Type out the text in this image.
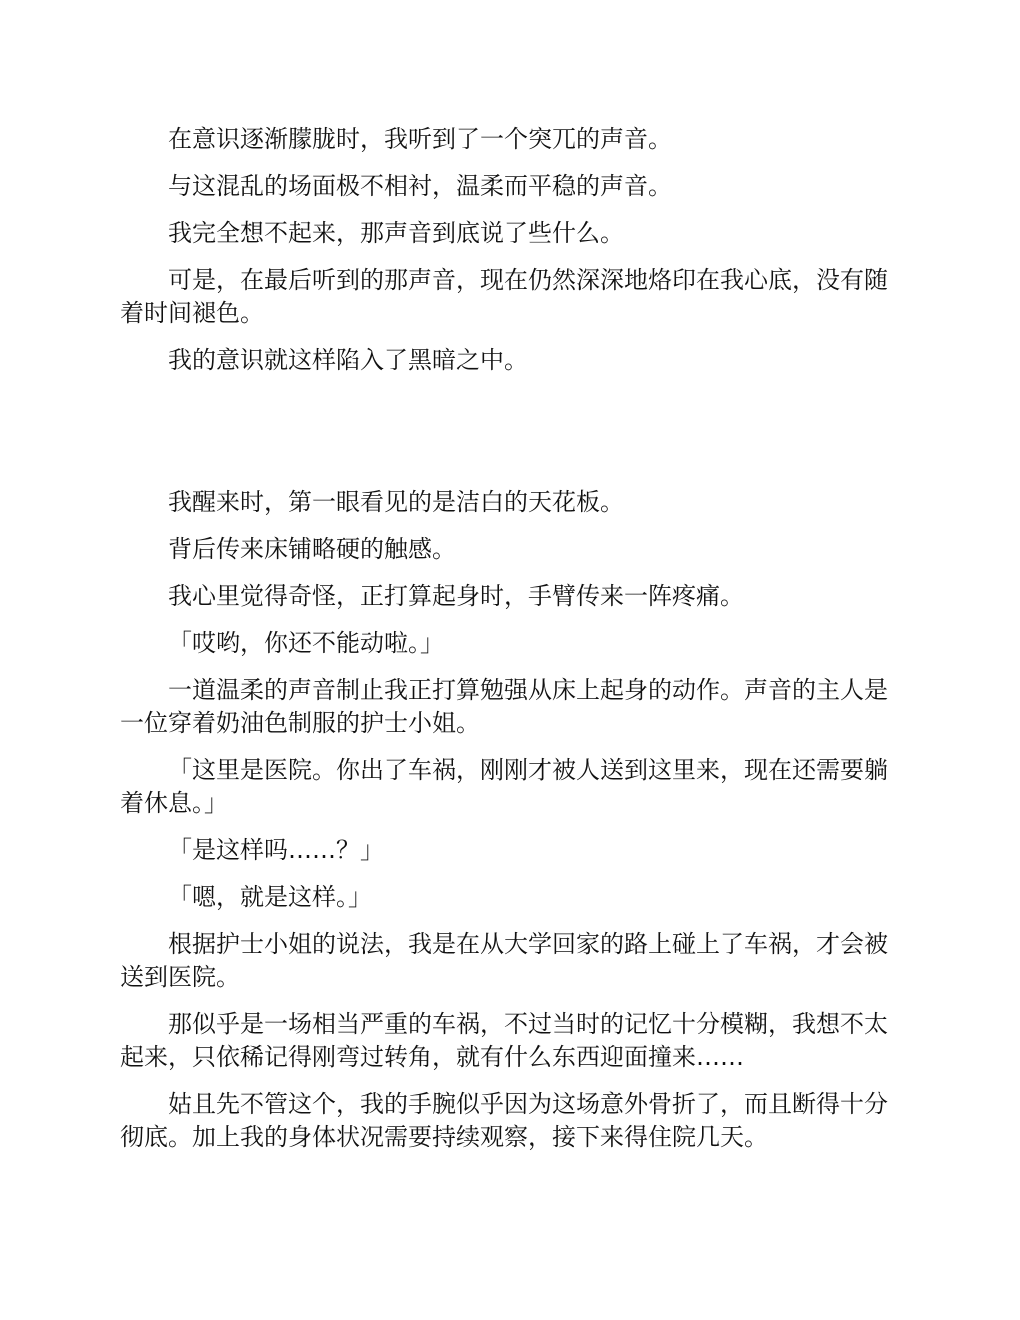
在意识逐渐朦胧时，我听到了一个突兀的声音。

与这混乱的场面极不相衬，温柔而平稳的声音。

我完全想不起来，那声音到底说了些什么。

可是，在最后听到的那声音，现在仍然深深地烙印在我心底，没有随着时间褪色。

我的意识就这样陷入了黑暗之中。

我醒来时，第一眼看见的是洁白的天花板。

背后传来床铺略硬的触感。

我心里觉得奇怪，正打算起身时，手臂传来一阵疼痛。

「哎哟，你还不能动啦。」

一道温柔的声音制止我正打算勉强从床上起身的动作。声音的主人是一位穿着奶油色制服的护士小姐。

「这里是医院。你出了车祸，刚刚才被人送到这里来，现在还需要躺着休息。」

「是这样吗……？」

「嗯，就是这样。」

根据护士小姐的说法，我是在从大学回家的路上碰上了车祸，才会被送到医院。

那似乎是一场相当严重的车祸，不过当时的记忆十分模糊，我想不太起来，只依稀记得刚弯过转角，就有什么东西迎面撞来……

姑且先不管这个，我的手腕似乎因为这场意外骨折了，而且断得十分彻底。加上我的身体状况需要持续观察，接下来得住院几天。
